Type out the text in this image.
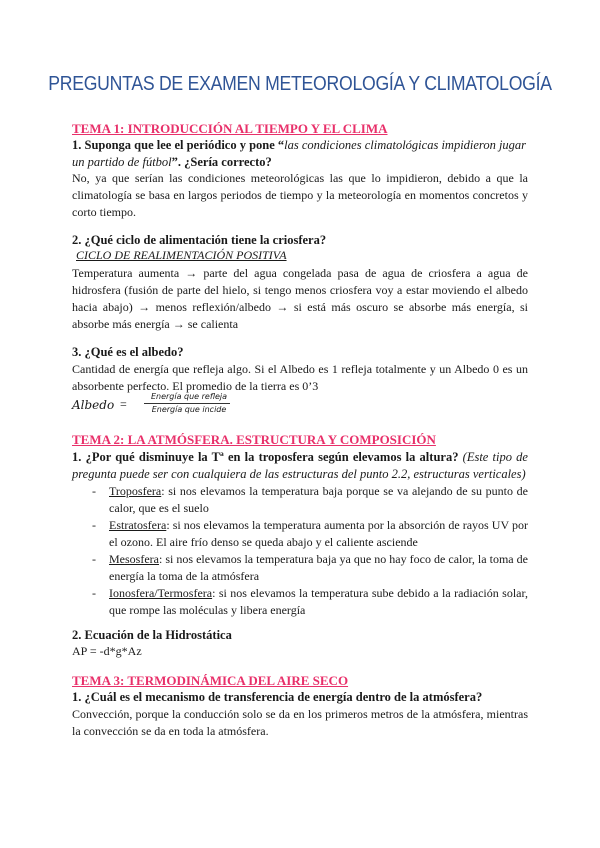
PREGUNTAS DE EXAMEN METEOROLOGÍA Y CLIMATOLOGÍA
TEMA 1: INTRODUCCIÓN AL TIEMPO Y EL CLIMA
1. Suponga que lee el periódico y pone “las condiciones climatológicas impidieron jugar un partido de fútbol”. ¿Sería correcto?
No, ya que serían las condiciones meteorológicas las que lo impidieron, debido a que la climatología se basa en largos periodos de tiempo y la meteorología en momentos concretos y corto tiempo.
2. ¿Qué ciclo de alimentación tiene la criosfera?
CICLO DE REALIMENTACIÓN POSITIVA
Temperatura aumenta → parte del agua congelada pasa de agua de criosfera a agua de hidrosfera (fusión de parte del hielo, si tengo menos criosfera voy a estar moviendo el albedo hacia abajo) → menos reflexión/albedo → si está más oscuro se absorbe más energía, si absorbe más energía → se calienta
3. ¿Qué es el albedo?
Cantidad de energía que refleja algo. Si el Albedo es 1 refleja totalmente y un Albedo 0 es un absorbente perfecto. El promedio de la tierra es 0’3
Albedo =
Energía que refleja
Energía que incide
TEMA 2: LA ATMÓSFERA. ESTRUCTURA Y COMPOSICIÓN
1. ¿Por qué disminuye la Tª en la troposfera según elevamos la altura? (Este tipo de pregunta puede ser con cualquiera de las estructuras del punto 2.2, estructuras verticales)
- Troposfera: si nos elevamos la temperatura baja porque se va alejando de su punto de calor, que es el suelo
- Estratosfera: si nos elevamos la temperatura aumenta por la absorción de rayos UV por el ozono. El aire frío denso se queda abajo y el caliente asciende
- Mesosfera: si nos elevamos la temperatura baja ya que no hay foco de calor, la toma de energía la toma de la atmósfera
- Ionosfera/Termosfera: si nos elevamos la temperatura sube debido a la radiación solar, que rompe las moléculas y libera energía
2. Ecuación de la Hidrostática
AP = -d*g*Az
TEMA 3: TERMODINÁMICA DEL AIRE SECO
1. ¿Cuál es el mecanismo de transferencia de energía dentro de la atmósfera?
Convección, porque la conducción solo se da en los primeros metros de la atmósfera, mientras la convección se da en toda la atmósfera.
